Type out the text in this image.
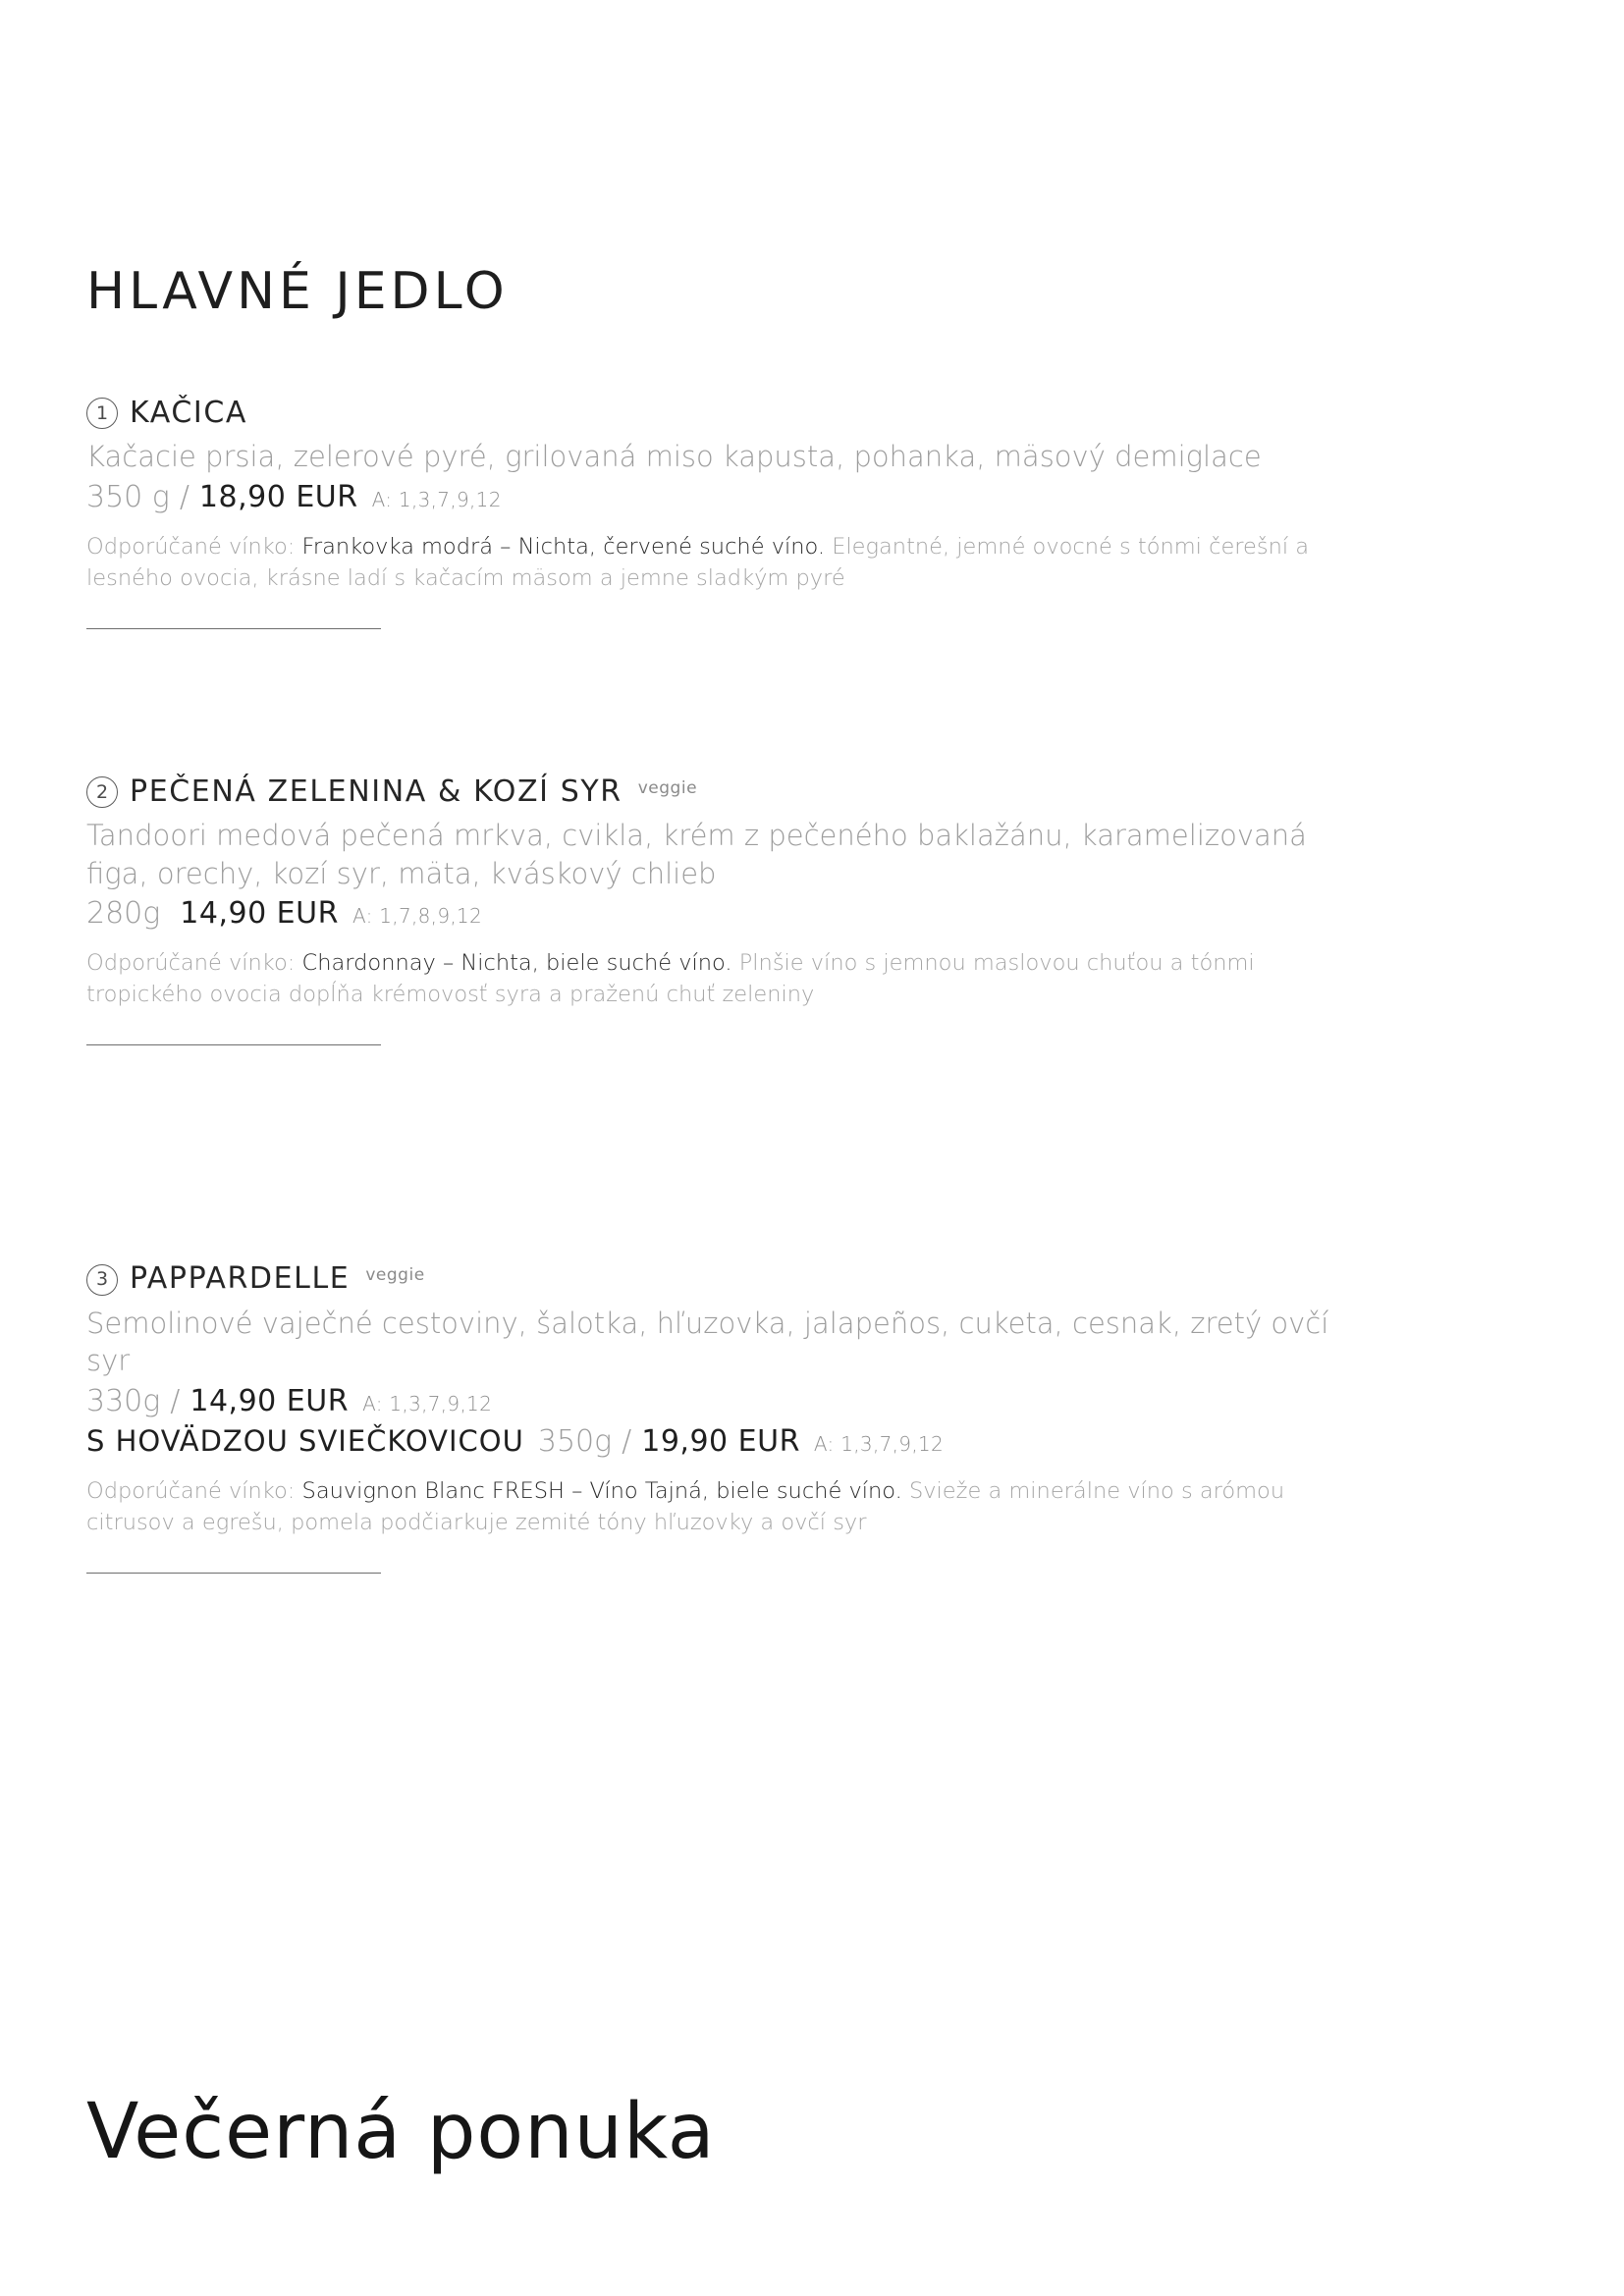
HLAVNÉ JEDLO
1 KAČICA

Kačacie prsia, zelerové pyré, grilovaná miso kapusta, pohanka, mäsový demiglace

350 g / 18,90 EUR A: 1,3,7,9,12

Odporúčané vínko: Frankovka modrá – Nichta, červené suché víno. Elegantné, jemné ovocné s tónmi čerešní a lesného ovocia, krásne ladí s kačacím mäsom a jemne sladkým pyré

2 PEČENÁ ZELENINA & KOZÍ SYR veggie

Tandoori medová pečená mrkva, cvikla, krém z pečeného baklažánu, karamelizovaná figa, orechy, kozí syr, mäta, kváskový chlieb

280g 14,90 EUR A: 1,7,8,9,12

Odporúčané vínko: Chardonnay – Nichta, biele suché víno. Plnšie víno s jemnou maslovou chuťou a tónmi tropického ovocia dopĺňa krémovosť syra a praženú chuť zeleniny

3 PAPPARDELLE veggie

Semolinové vaječné cestoviny, šalotka, hľuzovka, jalapeños, cuketa, cesnak, zretý ovčí syr

330g / 14,90 EUR A: 1,3,7,9,12
S HOVÄDZOU SVIEČKOVICOU 350g / 19,90 EUR A: 1,3,7,9,12

Odporúčané vínko: Sauvignon Blanc FRESH – Víno Tajná, biele suché víno. Svieže a minerálne víno s arómou citrusov a egrešu, pomela podčiarkuje zemité tóny hľuzovky a ovčí syr

Večerná ponuka
